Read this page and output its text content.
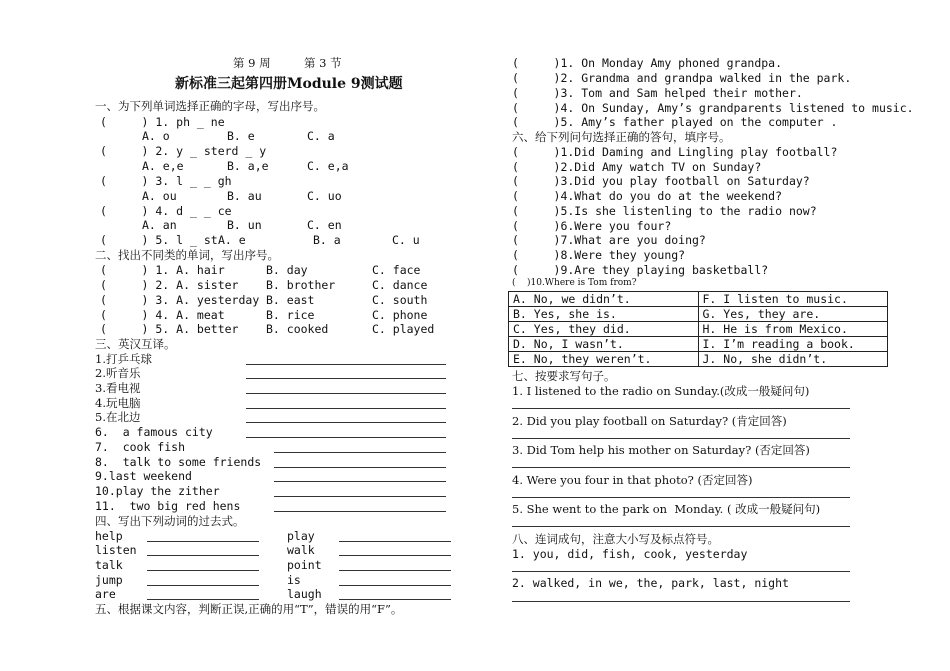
第 9 周	第 3 节
新标准三起第四册Module 9测试题
一、为下列单词选择正确的字母，写出序号。
(     ) 1. ph _ ne
A. o	B. e	C. a
(     ) 2. y _ sterd _ y
A. e,e	B. a,e	C. e,a
(     ) 3. l _ _ gh
A. ou	B. au	C. uo
(     ) 4. d _ _ ce
A. an	B. un	C. en
(     ) 5. l _ st A. e	B. a	C. u
二、找出不同类的单词，写出序号。
(     ) 1. A. hair	B. day	C. face
(     ) 2. A. sister B. brother	C. dance
(     ) 3. A. yesterday B. east	C. south
(     ) 4. A. meat	B. rice	C. phone
(     ) 5. A. better B. cooked	C. played
三、英汉互译。
1.打乒乓球
2.听音乐
3.看电视
4.玩电脑
5.在北边
6.  a famous city
7.  cook fish
8.  talk to some friends
9.last weekend
10.play the zither
11.  two big red hens
四、写出下列动词的过去式。
help	play
listen	walk
talk	point
jump	is
are	laugh
五、根据课文内容，判断正误,正确的用“T”，错误的用“F”。
(     )1. On Monday Amy phoned grandpa.
(     )2. Grandma and grandpa walked in the park.
(     )3. Tom and Sam helped their mother.
(     )4. On Sunday, Amy’s grandparents listened to music.
(     )5. Amy’s father played on the computer .
六、给下列问句选择正确的答句，填序号。
(     )1.Did Daming and Lingling play football?
(     )2.Did Amy watch TV on Sunday?
(     )3.Did you play football on Saturday?
(     )4.What do you do at the weekend?
(     )5.Is she listenling to the radio now?
(     )6.Were you four?
(     )7.What are you doing?
(     )8.Were they young?
(     )9.Are they playing basketball?
(    )10.Where is Tom from?
A. No, we didn’t.	F. I listen to music.
B. Yes, she is.	G. Yes, they are.
C. Yes, they did.	H. He is from Mexico.
D. No, I wasn’t.	I. I’m reading a book.
E. No, they weren’t.	J. No, she didn’t.
七、按要求写句子。
1. I listened to the radio on Sunday.(改成一般疑问句)
2. Did you play football on Saturday? (肯定回答)
3. Did Tom help his mother on Saturday? (否定回答)
4. Were you four in that photo? (否定回答)
5. She went to the park on  Monday. ( 改成一般疑问句)
八、连词成句，注意大小写及标点符号。
1. you, did, fish, cook, yesterday
2. walked, in we, the, park, last, night
